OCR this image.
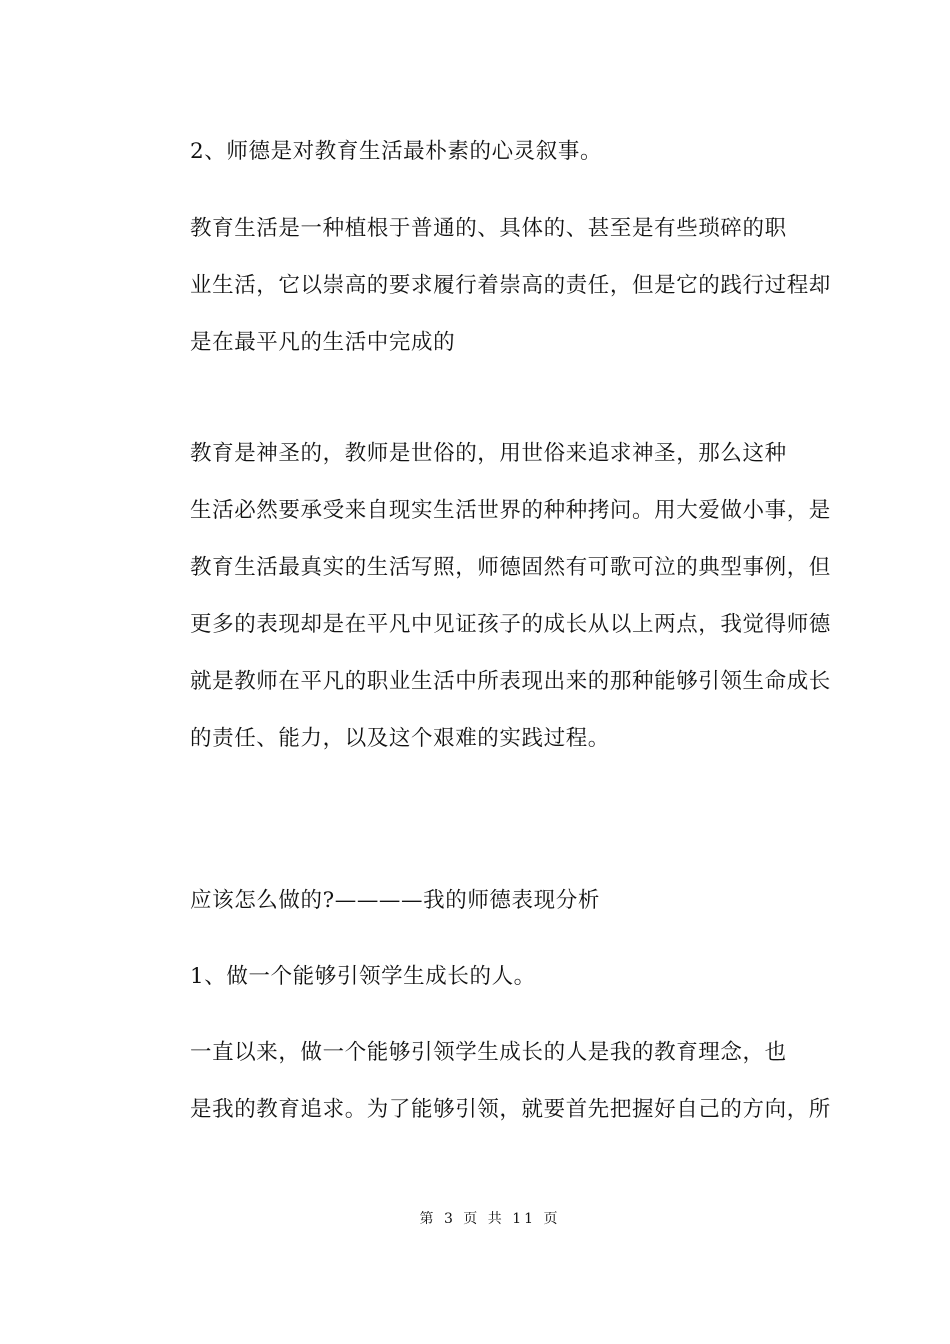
2、师德是对教育生活最朴素的心灵叙事。

教育生活是一种植根于普通的、具体的、甚至是有些琐碎的职
业生活，它以崇高的要求履行着崇高的责任，但是它的践行过程却
是在最平凡的生活中完成的

教育是神圣的，教师是世俗的，用世俗来追求神圣，那么这种
生活必然要承受来自现实生活世界的种种拷问。用大爱做小事，是
教育生活最真实的生活写照，师德固然有可歌可泣的典型事例，但
更多的表现却是在平凡中见证孩子的成长从以上两点，我觉得师德
就是教师在平凡的职业生活中所表现出来的那种能够引领生命成长
的责任、能力，以及这个艰难的实践过程。

应该怎么做的?————我的师德表现分析

1、做一个能够引领学生成长的人。

一直以来，做一个能够引领学生成长的人是我的教育理念，也
是我的教育追求。为了能够引领，就要首先把握好自己的方向，所

第 3 页 共 11 页
